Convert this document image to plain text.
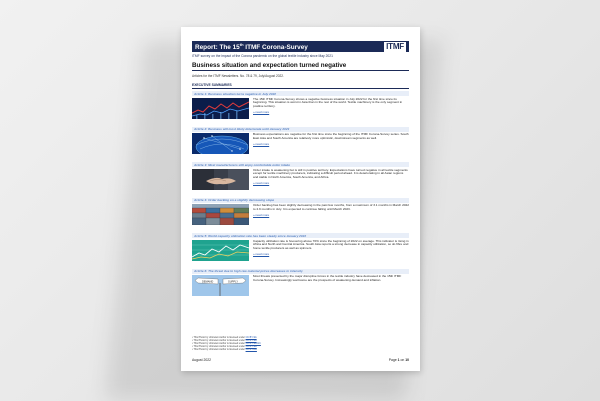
Report: The 15th ITMF Corona-Survey	ITMF
ITMF survey on the impact of the Corona pandemic on the global textile industry since May 2021
Business situation and expectation turned negative
Articles for the ITMF Newsletters. No. 78 & 79, July/August 2022.
EXECUTIVE SUMMARIES
Article 1: Business situation turns negative in July 2022
The 15th ITMF Corona-Survey shows a negative business situation in July 2022 for the first time since its beginning. This situation is worst in Asia than in the rest of the world. Textile machinery is the only segment in positive territory.
» read more
Article 2: Business will most likely deteriorate until January 2023
Business expectations are negative for the first time since the beginning of the ITMF Corona-Survey series. South East Asia and South America are relatively more optimistic, downstream segments as well.
» read more
Article 3: Most manufacturers still enjoy comfortable order intake
Order intake is weakening but is still in positive territory. Expectations have turned negative in all textile segments except for textile machinery producers, indicating a difficult period ahead. It is deteriorating in all Asian regions and stable in North America, South America, and Africa.
» read more
Article 4: Order backlog on a slightly decreasing slope
Order backlog has been slightly decreasing in the past few months, from a maximum of 3.1 months in March 2022 to 2.9 months in July. It is expected to continue falling until March 2023.
» read more
Article 5: World capacity utilization rate has been steady since January 2022
Capacity utilization rate is hoovering above 70% since the beginning of 2022 on average. This indicator is rising in Africa and North and Central America. South Asia reports a strong decrease in capacity utilization, so do fibre and home textile producers as well as spinners.
» read more
Article 6: The threat due to high raw material prices decreases in intensity
DEMAND	SUPPLY
Most threats presented by the major disruptive forces in the textile industry have decreased in the 15th ITMF Corona-Survey. Increasingly worrisome are the prospects of weakening demand and inflation.
• This Photo by Unknown Author is licensed under CC BY-SA
• This Photo by Unknown Author is licensed under CC BY-SA
• This Photo by Unknown Author is licensed under CC BY-SA-NC
• This Photo by Unknown Author is licensed under CC BY-SA
• This Photo by Unknown Author is licensed under CC BY-ND
August 2022	Page 1 on 10
